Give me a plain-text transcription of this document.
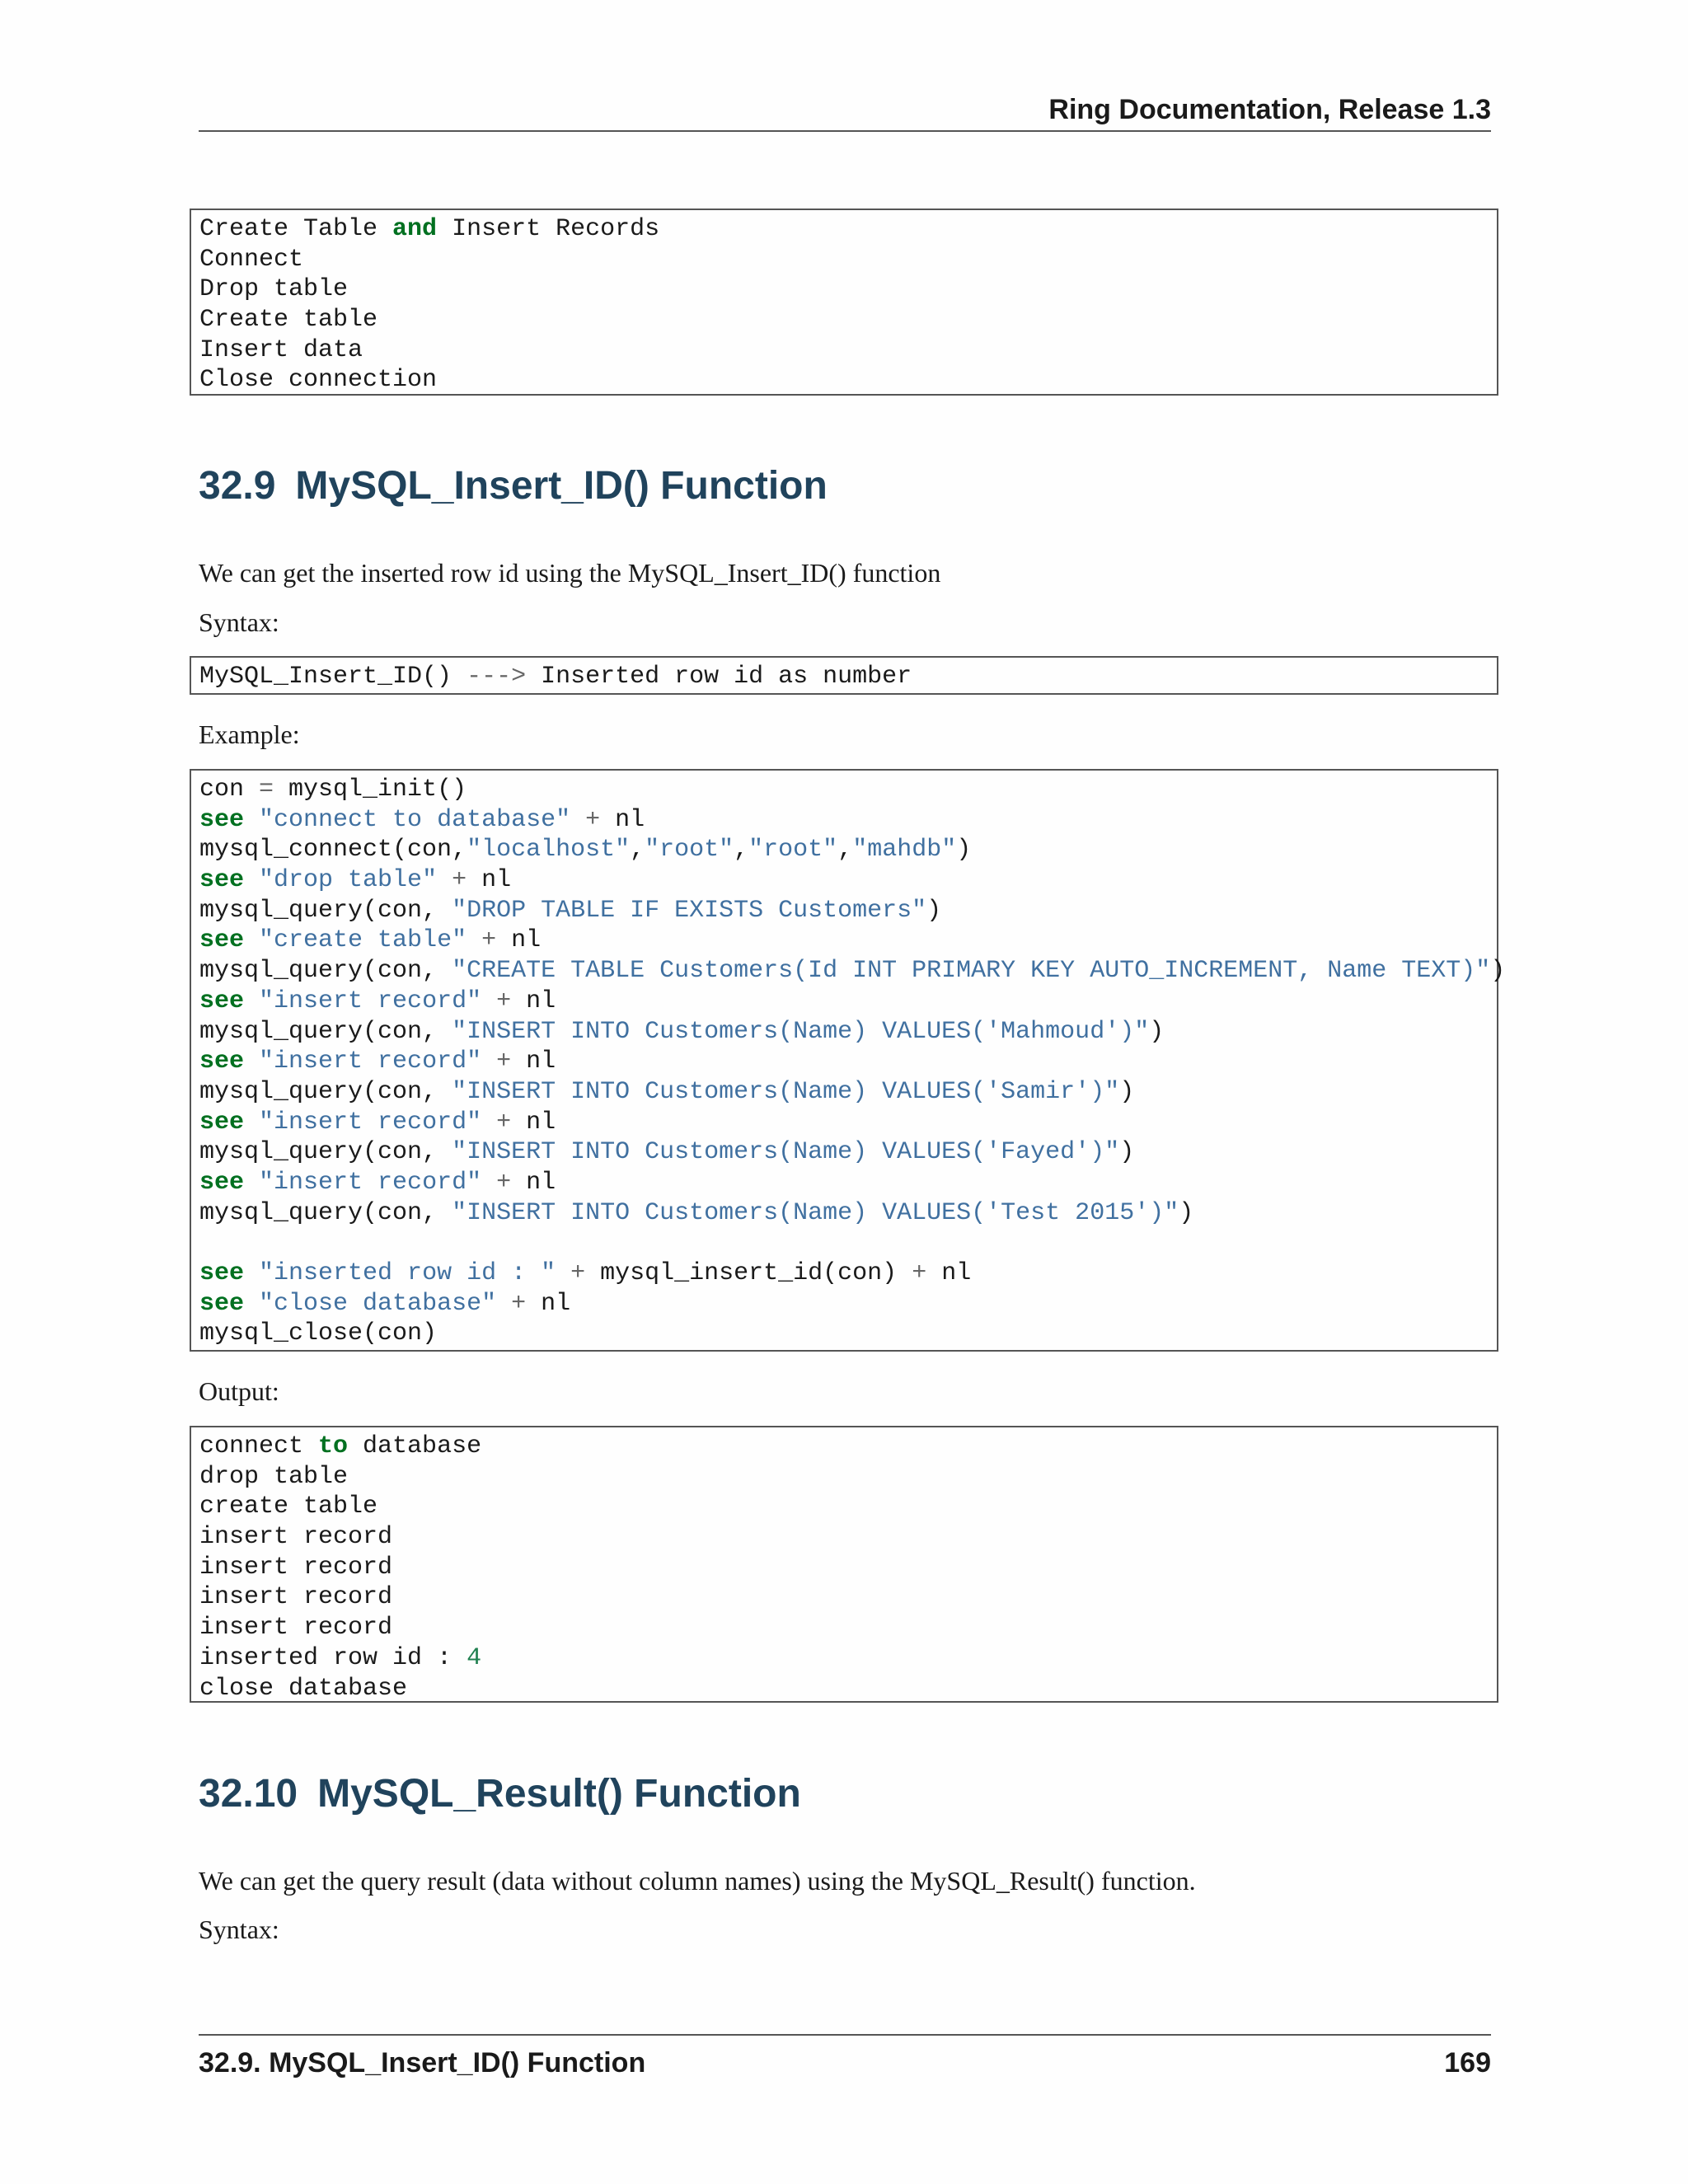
Ring Documentation, Release 1.3
Create Table and Insert Records
Connect
Drop table
Create table
Insert data
Close connection
32.9 MySQL_Insert_ID() Function

We can get the inserted row id using the MySQL_Insert_ID() function

Syntax:

MySQL_Insert_ID() ---> Inserted row id as number

Example:

con = mysql_init()
see "connect to database" + nl
mysql_connect(con,"localhost","root","root","mahdb")
see "drop table" + nl
mysql_query(con, "DROP TABLE IF EXISTS Customers")
see "create table" + nl
mysql_query(con, "CREATE TABLE Customers(Id INT PRIMARY KEY AUTO_INCREMENT, Name TEXT)")
see "insert record" + nl
mysql_query(con, "INSERT INTO Customers(Name) VALUES('Mahmoud')")
see "insert record" + nl
mysql_query(con, "INSERT INTO Customers(Name) VALUES('Samir')")
see "insert record" + nl
mysql_query(con, "INSERT INTO Customers(Name) VALUES('Fayed')")
see "insert record" + nl
mysql_query(con, "INSERT INTO Customers(Name) VALUES('Test 2015')")
see "inserted row id : " + mysql_insert_id(con) + nl
see "close database" + nl
mysql_close(con)

Output:

connect to database
drop table
create table
insert record
insert record
insert record
insert record
inserted row id : 4
close database
32.10 MySQL_Result() Function

We can get the query result (data without column names) using the MySQL_Result() function.

Syntax:

32.9. MySQL_Insert_ID() Function	169
